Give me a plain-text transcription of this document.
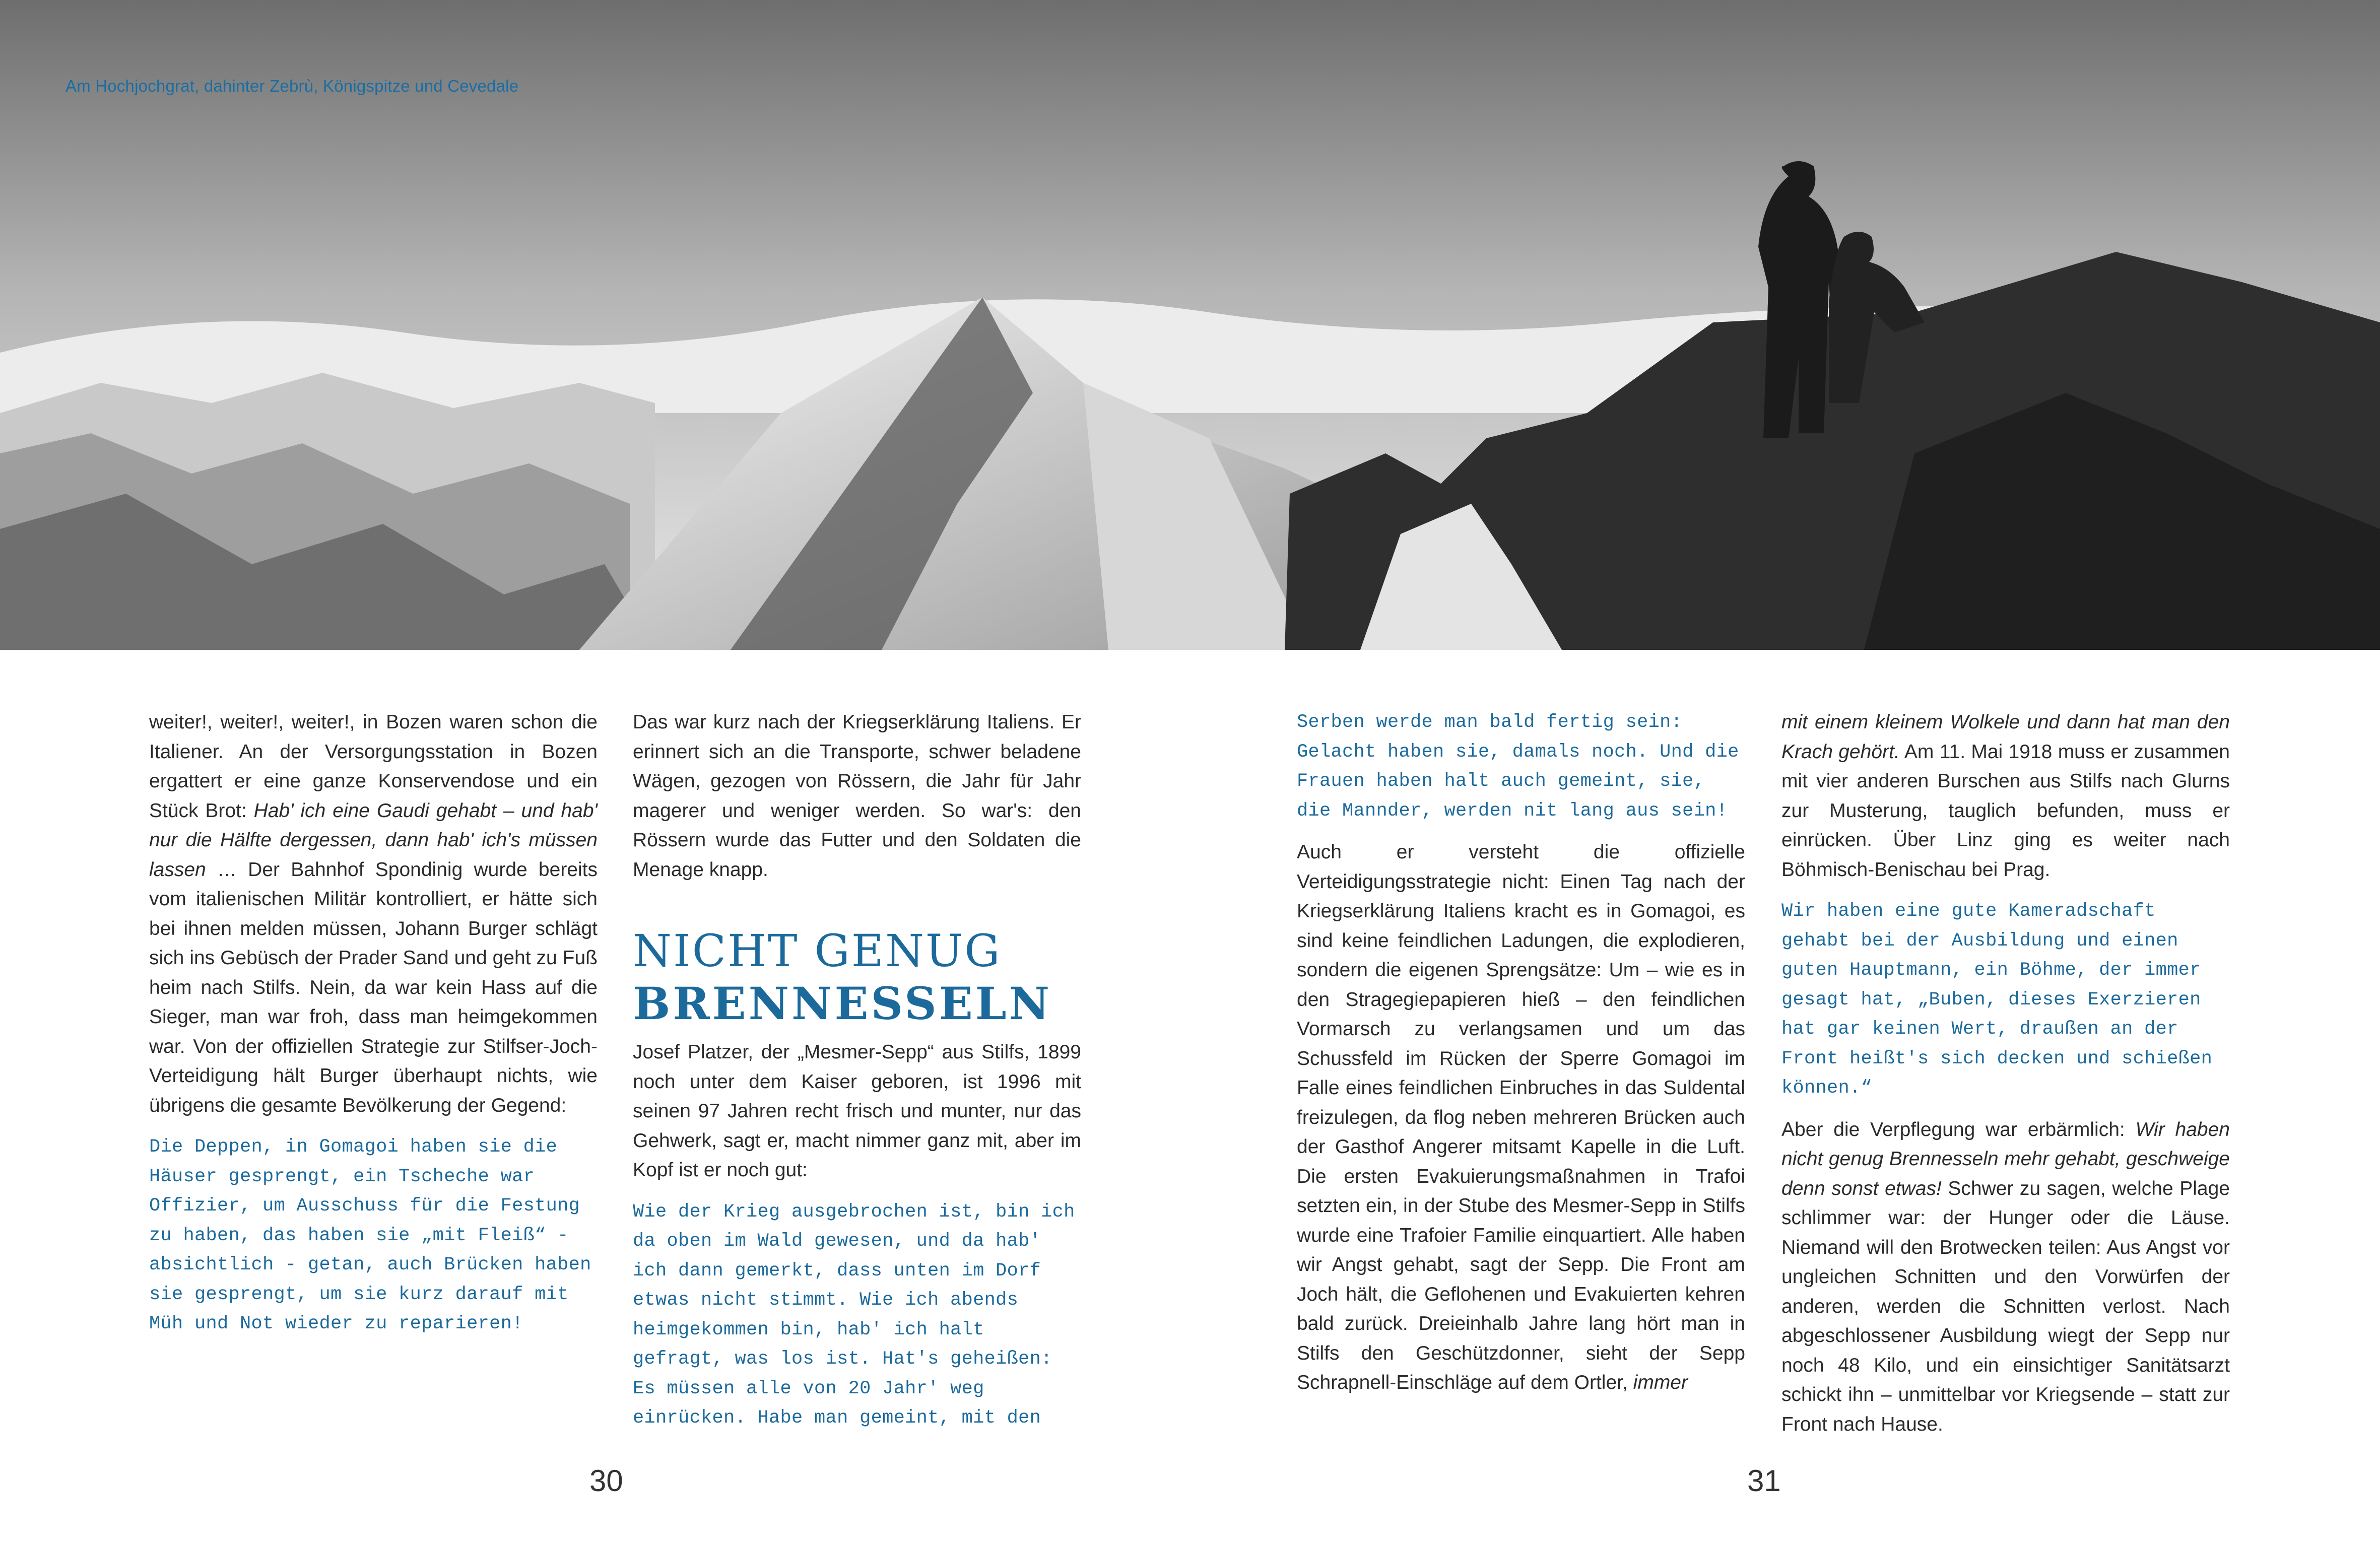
Am Hochjochgrat, dahinter Zebrù, Königspitze und Cevedale

weiter!, weiter!, weiter!, in Bozen waren schon die Italiener. An der Versorgungsstation in Bozen ergattert er eine ganze Konservendose und ein Stück Brot: Hab' ich eine Gaudi gehabt – und hab' nur die Hälfte dergessen, dann hab' ich's müssen lassen … Der Bahnhof Spondinig wurde bereits vom italienischen Militär kontrolliert, er hätte sich bei ihnen melden müssen, Johann Burger schlägt sich ins Gebüsch der Prader Sand und geht zu Fuß heim nach Stilfs. Nein, da war kein Hass auf die Sieger, man war froh, dass man heimgekommen war. Von der offiziellen Strategie zur Stilfser-Joch-Verteidigung hält Burger überhaupt nichts, wie übrigens die gesamte Bevölkerung der Gegend:

Die Deppen, in Gomagoi haben sie die Häuser gesprengt, ein Tscheche war Offizier, um Ausschuss für die Festung zu haben, das haben sie „mit Fleiß“ - absichtlich - getan, auch Brücken haben sie gesprengt, um sie kurz darauf mit Müh und Not wieder zu reparieren!

Das war kurz nach der Kriegserklärung Italiens. Er erinnert sich an die Transporte, schwer beladene Wägen, gezogen von Rössern, die Jahr für Jahr magerer und weniger werden. So war's: den Rössern wurde das Futter und den Soldaten die Menage knapp.

NICHT GENUG
BRENNESSELN

Josef Platzer, der „Mesmer-Sepp“ aus Stilfs, 1899 noch unter dem Kaiser geboren, ist 1996 mit seinen 97 Jahren recht frisch und munter, nur das Gehwerk, sagt er, macht nimmer ganz mit, aber im Kopf ist er noch gut:

Wie der Krieg ausgebrochen ist, bin ich da oben im Wald gewesen, und da hab' ich dann gemerkt, dass unten im Dorf etwas nicht stimmt. Wie ich abends heimgekommen bin, hab' ich halt gefragt, was los ist. Hat's geheißen: Es müssen alle von 20 Jahr' weg einrücken. Habe man gemeint, mit den

Serben werde man bald fertig sein: Gelacht haben sie, damals noch. Und die Frauen haben halt auch gemeint, sie, die Mannder, werden nit lang aus sein!

Auch er versteht die offizielle Verteidigungsstrategie nicht: Einen Tag nach der Kriegserklärung Italiens kracht es in Gomagoi, es sind keine feindlichen Ladungen, die explodieren, sondern die eigenen Sprengsätze: Um – wie es in den Stragegiepapieren hieß – den feindlichen Vormarsch zu verlangsamen und um das Schussfeld im Rücken der Sperre Gomagoi im Falle eines feindlichen Einbruches in das Suldental freizulegen, da flog neben mehreren Brücken auch der Gasthof Angerer mitsamt Kapelle in die Luft. Die ersten Evakuierungsmaßnahmen in Trafoi setzten ein, in der Stube des Mesmer-Sepp in Stilfs wurde eine Trafoier Familie einquartiert. Alle haben wir Angst gehabt, sagt der Sepp. Die Front am Joch hält, die Geflohenen und Evakuierten kehren bald zurück. Dreieinhalb Jahre lang hört man in Stilfs den Geschützdonner, sieht der Sepp Schrapnell-Einschläge auf dem Ortler, immer

mit einem kleinem Wolkele und dann hat man den Krach gehört. Am 11. Mai 1918 muss er zusammen mit vier anderen Burschen aus Stilfs nach Glurns zur Musterung, tauglich befunden, muss er einrücken. Über Linz ging es weiter nach Böhmisch-Benischau bei Prag.

Wir haben eine gute Kameradschaft gehabt bei der Ausbildung und einen guten Hauptmann, ein Böhme, der immer gesagt hat, „Buben, dieses Exerzieren hat gar keinen Wert, draußen an der Front heißt's sich decken und schießen können.“

Aber die Verpflegung war erbärmlich: Wir haben nicht genug Brennesseln mehr gehabt, geschweige denn sonst etwas! Schwer zu sagen, welche Plage schlimmer war: der Hunger oder die Läuse. Niemand will den Brotwecken teilen: Aus Angst vor ungleichen Schnitten und den Vorwürfen der anderen, werden die Schnitten verlost. Nach abgeschlossener Ausbildung wiegt der Sepp nur noch 48 Kilo, und ein einsichtiger Sanitätsarzt schickt ihn – unmittelbar vor Kriegsende – statt zur Front nach Hause.

30	31
